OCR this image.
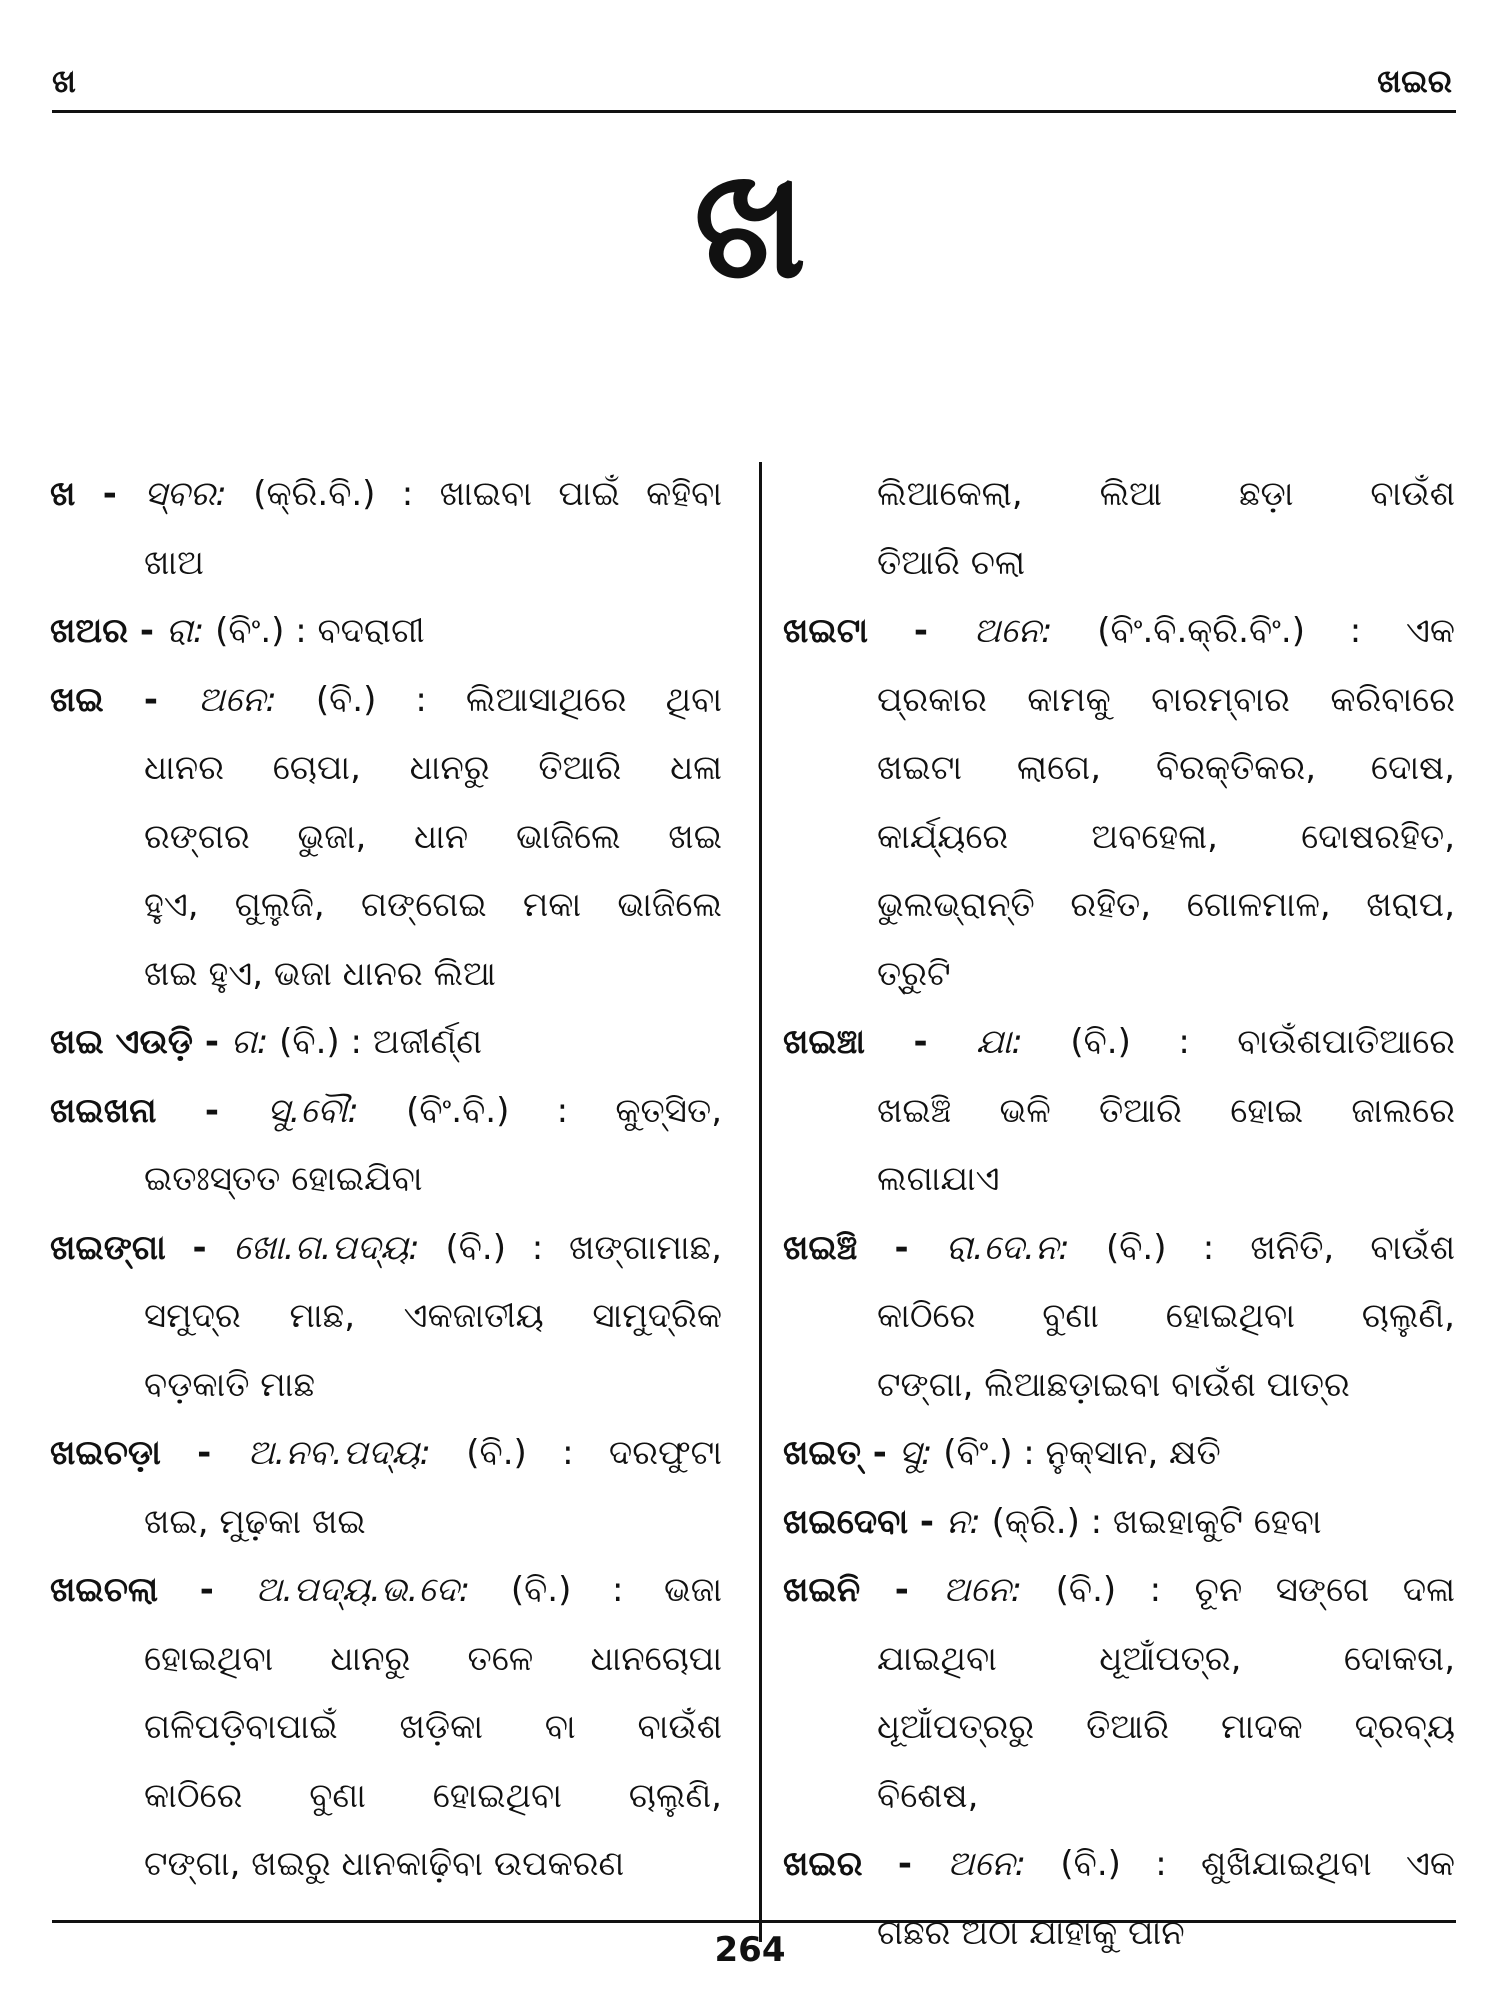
ଖ	ଖଇର
ଖ
ଖ - ସ୍ବର: (କ୍ରି.ବି.) : ଖାଇବା ପାଇଁ କହିବା
ଖାଅ
ଖଅର - ରା: (ବିଂ.) : ବଦରାଗୀ
ଖଇ - ଅନେ: (ବି.) : ଲିଆସାଥିରେ ଥିବା
ଧାନର ଚୋପା, ଧାନରୁ ତିଆରି ଧଳା
ରଙ୍ଗର ଭୁଜା, ଧାନ ଭାଜିଲେ ଖଇ
ହୁଏ, ଗୁଲୁଜି, ଗଙ୍ଗେଇ ମକା ଭାଜିଲେ
ଖଇ ହୁଏ, ଭଜା ଧାନର ଲିଆ
ଖଇ ଏଉଡ଼ି - ଗ: (ବି.) : ଅଜୀର୍ଣ୍ଣ
ଖଇଖନା - ସୁ.ବୌ: (ବିଂ.ବି.) : କୁତ୍ସିତ,
ଇତଃସ୍ତତ ହୋଇଯିବା
ଖଇଙ୍ଗା - ଖୋ.ଗ.ପଦ୍ୟ: (ବି.) : ଖଙ୍ଗାମାଛ,
ସମୁଦ୍ର ମାଛ, ଏକଜାତୀୟ ସାମୁଦ୍ରିକ
ବଡ଼କାତି ମାଛ
ଖଇଚଡ଼ା - ଅ.ନବ.ପଦ୍ୟ: (ବି.) : ଦରଫୁଟା
ଖଇ, ମୁଢ଼କା ଖଇ
ଖଇଚଲା - ଅ.ପଦ୍ୟ.ଭ.ଦେ: (ବି.) : ଭଜା
ହୋଇଥିବା ଧାନରୁ ତଳେ ଧାନଚୋପା
ଗଳିପଡ଼ିବାପାଇଁ ଖଡ଼ିକା ବା ବାଉଁଶ
କାଠିରେ ବୁଣା ହୋଇଥିବା ଚାଲୁଣି,
ଟଙ୍ଗା, ଖଇରୁ ଧାନକାଢ଼ିବା ଉପକରଣ
ଲିଆକେଲା, ଲିଆ ଛଡ଼ା ବାଉଁଶ
ତିଆରି ଚଲା
ଖଇଟା - ଅନେ: (ବିଂ.ବି.କ୍ରି.ବିଂ.) : ଏକ
ପ୍ରକାର କାମକୁ ବାରମ୍ବାର କରିବାରେ
ଖଇଟା ଲାଗେ, ବିରକ୍ତିକର, ଦୋଷ,
କାର୍ଯ୍ୟରେ ଅବହେଳା, ଦୋଷରହିତ,
ଭୁଲଭ୍ରାନ୍ତି ରହିତ, ଗୋଳମାଳ, ଖରାପ,
ତ୍ରୁଟି
ଖଇଞ୍ଚା - ଯା: (ବି.) : ବାଉଁଶପାତିଆରେ
ଖଇଞ୍ଚି ଭଳି ତିଆରି ହୋଇ ଜାଲରେ
ଲଗାଯାଏ
ଖଇଞ୍ଚି - ରା.ଦେ.ନ: (ବି.) : ଖନିତି, ବାଉଁଶ
କାଠିରେ ବୁଣା ହୋଇଥିବା ଚାଲୁଣି,
ଟଙ୍ଗା, ଲିଆଛଡ଼ାଇବା ବାଉଁଶ ପାତ୍ର
ଖଇତ୍ - ସୁ: (ବିଂ.) : ନୁକ୍‌ସାନ, କ୍ଷତି
ଖଇଦେବା - ନ: (କ୍ରି.) : ଖଇହାକୁଟି ହେବା
ଖଇନି - ଅନେ: (ବି.) : ଚୂନ ସଙ୍ଗେ ଦଳା
ଯାଇଥିବା ଧୂଆଁପତ୍ର, ଦୋକତା,
ଧୂଆଁପତ୍ରରୁ ତିଆରି ମାଦକ ଦ୍ରବ୍ୟ
ବିଶେଷ,
ଖଇର - ଅନେ: (ବି.) : ଶୁଖିଯାଇଥିବା ଏକ
ଗଛର ଅଠା ଯାହାକୁ ପାନ
264
